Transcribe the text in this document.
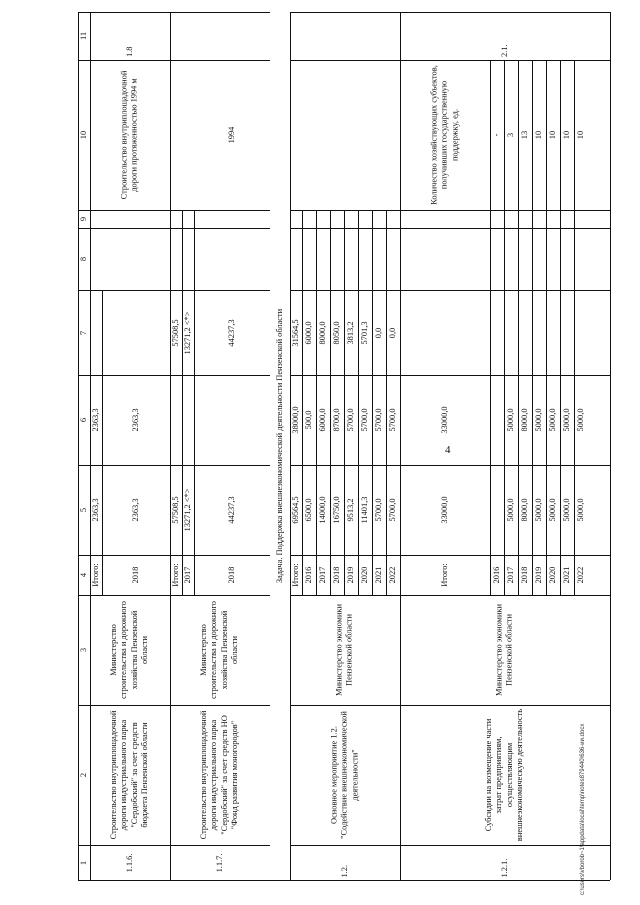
1
2
3
4
5
6
7
8
9
10
11
1.1.6.
Строительство внутриплощадочной дороги индустриального парка "Сердобский" за счет средств бюджета Пензенской области
Министерство строительства и дорожного хозяйства Пензенской области
Итого:
2363,3
2363,3
2018
2363,3
2363,3
Строительство внутриплощадочной дороги протяженностью 1994 м
1.8
1.1.7.
Строительство внутриплощадочной дороги индустриального парка "Сердобский" за счет средств НО "Фонд развития моногородов"
Министерство строительства и дорожного хозяйства Пензенской области
Итого:
57508,5
57508,5
2017
13271,2 <*>
13271,2 <*>
2018
44237,3
44237,3
1994
Задача. Поддержка внешнеэкономической деятельности Пензенской области
1.2.
Основное мероприятие 1.2. "Содействие внешнеэкономической деятельности"
Министерство экономики Пензенской области
Итого:
69564,5
38000,0
31564,5
2016
6500,0
500,0
6000,0
2017
14000,0
6000,0
8000,0
2018
16750,0
8700,0
8050,0
2019
9513,2
5700,0
3813,2
2020
11401,3
5700,0
5701,3
2021
5700,0
5700,0
0,0
2022
5700,0
5700,0
0,0
1.2.1.
Субсидии на возмещение части затрат предприятиям, осуществляющим внешнеэкономическую деятельность
Министерство экономики Пензенской области
Итого:
33000,0
33000,0
2016 2017
5000,0
5000,0
2018
8000,0
8000,0
2019
5000,0
5000,0
2020
5000,0
5000,0
2021
5000,0
5000,0
2022
5000,0
5000,0
Количество хозяйствующих субъектов, получивших государственную поддержку, ед.	- 3 13 10 10 10 10
2.1.
4
c:\users\vborob~1\appdata\local\temp\notes879440\636-ии.docx
